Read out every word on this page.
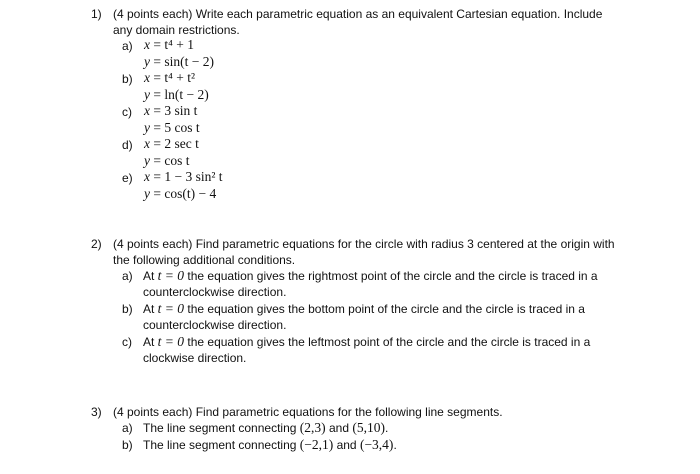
1) (4 points each) Write each parametric equation as an equivalent Cartesian equation. Include
any domain restrictions.
a) x = t⁴ + 1
y = sin(t − 2)
b) x = t⁴ + t²
y = ln(t − 2)
c) x = 3 sin t
y = 5 cos t
d) x = 2 sec t
y = cos t
e) x = 1 − 3 sin² t
y = cos(t) − 4
2) (4 points each) Find parametric equations for the circle with radius 3 centered at the origin with
the following additional conditions.
a) At t = 0 the equation gives the rightmost point of the circle and the circle is traced in a
counterclockwise direction.
b) At t = 0 the equation gives the bottom point of the circle and the circle is traced in a
counterclockwise direction.
c) At t = 0 the equation gives the leftmost point of the circle and the circle is traced in a
clockwise direction.
3) (4 points each) Find parametric equations for the following line segments.
a) The line segment connecting (2,3) and (5,10).
b) The line segment connecting (−2,1) and (−3,4).
